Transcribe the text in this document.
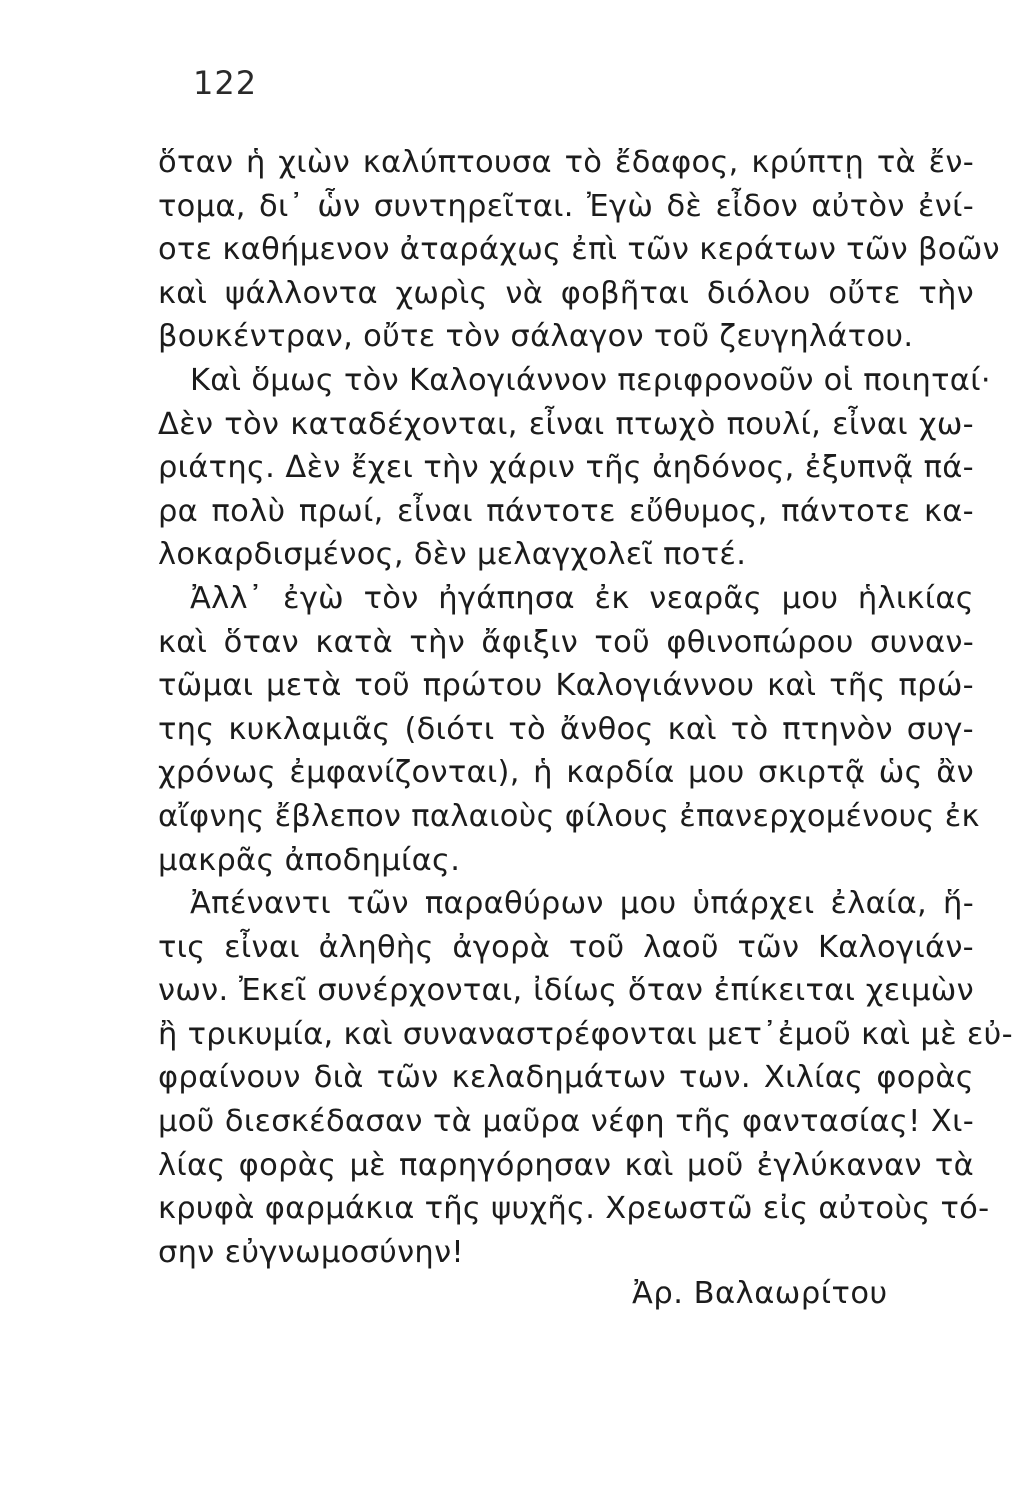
122
ὅταν ἡ χιὼν καλύπτουσα τὸ ἔδαφος, κρύπτῃ τὰ ἔν-
τομα, δι᾽ ὧν συντηρεῖται. Ἐγὼ δὲ εἶδον αὐτὸν ἐνί-
οτε καθήμενον ἀταράχως ἐπὶ τῶν κεράτων τῶν βοῶν
καὶ ψάλλοντα χωρὶς νὰ φοβῆται διόλου οὔτε τὴν
βουκέντραν, οὔτε τὸν σάλαγον τοῦ ζευγηλάτου.
Καὶ ὅμως τὸν Καλογιάννον περιφρονοῦν οἱ ποιηταί·
Δὲν τὸν καταδέχονται, εἶναι πτωχὸ πουλί, εἶναι χω-
ριάτης. Δὲν ἔχει τὴν χάριν τῆς ἀηδόνος, ἐξυπνᾷ πά-
ρα πολὺ πρωί, εἶναι πάντοτε εὔθυμος, πάντοτε κα-
λοκαρδισμένος, δὲν μελαγχολεῖ ποτέ.
Ἀλλ᾽ ἐγὼ τὸν ἠγάπησα ἐκ νεαρᾶς μου ἡλικίας
καὶ ὅταν κατὰ τὴν ἄφιξιν τοῦ φθινοπώρου συναν-
τῶμαι μετὰ τοῦ πρώτου Καλογιάννου καὶ τῆς πρώ-
της κυκλαμιᾶς (διότι τὸ ἄνθος καὶ τὸ πτηνὸν συγ-
χρόνως ἐμφανίζονται), ἡ καρδία μου σκιρτᾷ ὡς ἂν
αἴφνης ἔβλεπον παλαιοὺς φίλους ἐπανερχομένους ἐκ
μακρᾶς ἀποδημίας.
Ἀπέναντι τῶν παραθύρων μου ὑπάρχει ἐλαία, ἥ-
τις εἶναι ἀληθὴς ἀγορὰ τοῦ λαοῦ τῶν Καλογιάν-
νων. Ἐκεῖ συνέρχονται, ἰδίως ὅταν ἐπίκειται χειμὼν
ἢ τρικυμία, καὶ συναναστρέφονται μετ᾽ἐμοῦ καὶ μὲ εὐ-
φραίνουν διὰ τῶν κελαδημάτων των. Χιλίας φορὰς
μοῦ διεσκέδασαν τὰ μαῦρα νέφη τῆς φαντασίας! Χι-
λίας φορὰς μὲ παρηγόρησαν καὶ μοῦ ἐγλύκαναν τὰ
κρυφὰ φαρμάκια τῆς ψυχῆς. Χρεωστῶ εἰς αὐτοὺς τό-
σην εὐγνωμοσύνην!
Ἀρ. Βαλαωρίτου
